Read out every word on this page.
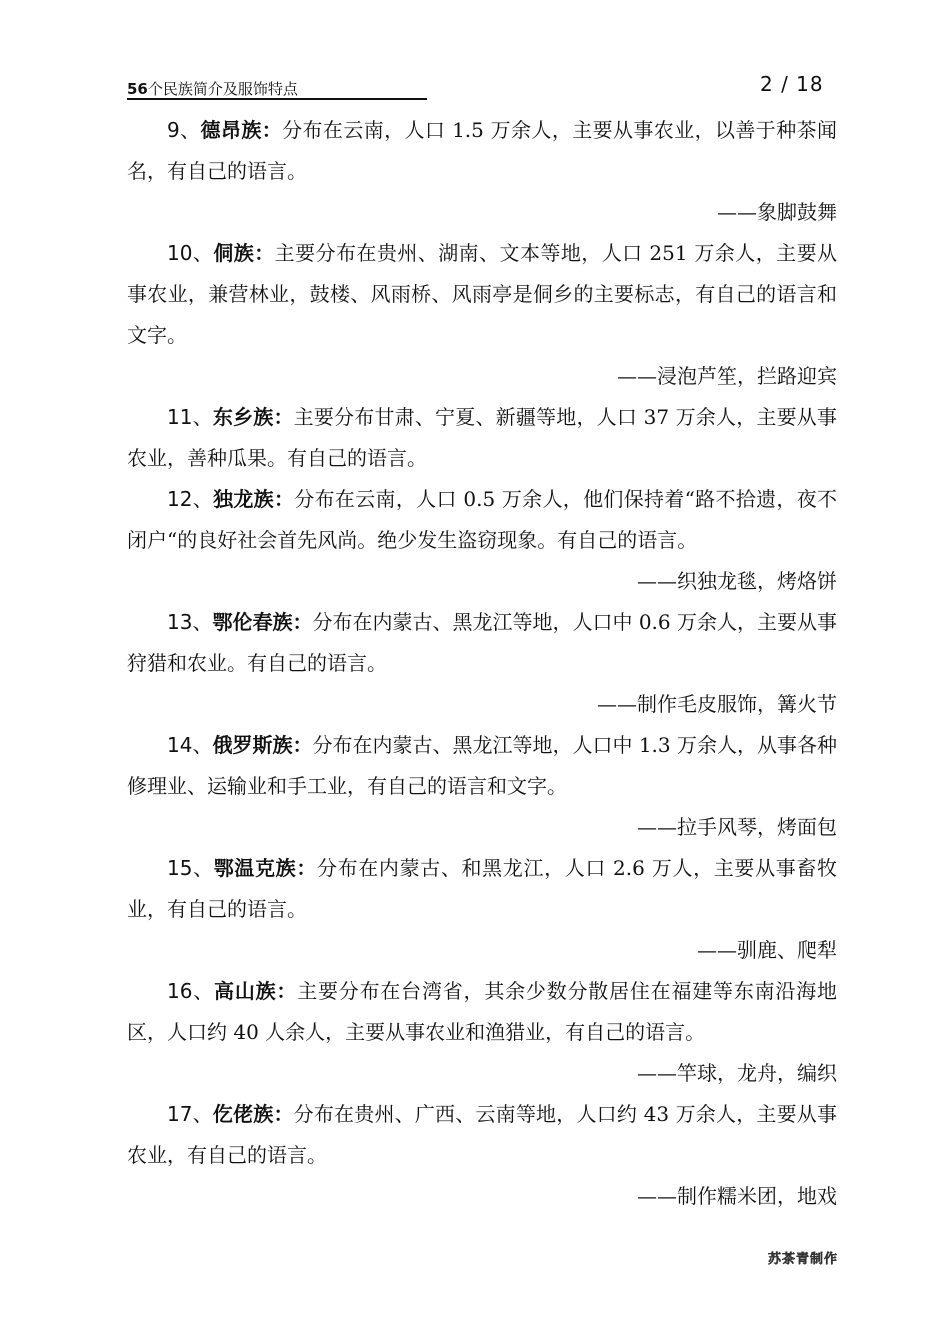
56个民族简介及服饰特点	2 / 18

9、德昂族：分布在云南，人口 1.5 万余人，主要从事农业，以善于种茶闻名，有自己的语言。

——象脚鼓舞

10、侗族：主要分布在贵州、湖南、文本等地，人口 251 万余人，主要从事农业，兼营林业，鼓楼、风雨桥、风雨亭是侗乡的主要标志，有自己的语言和文字。

——浸泡芦笙，拦路迎宾

11、东乡族：主要分布甘肃、宁夏、新疆等地，人口 37 万余人，主要从事农业，善种瓜果。有自己的语言。

12、独龙族：分布在云南，人口 0.5 万余人，他们保持着“路不拾遗，夜不闭户“的良好社会首先风尚。绝少发生盗窃现象。有自己的语言。

——织独龙毯，烤烙饼

13、鄂伦春族：分布在内蒙古、黑龙江等地，人口中 0.6 万余人，主要从事狩猎和农业。有自己的语言。

——制作毛皮服饰，篝火节

14、俄罗斯族：分布在内蒙古、黑龙江等地，人口中 1.3 万余人，从事各种修理业、运输业和手工业，有自己的语言和文字。

——拉手风琴，烤面包

15、鄂温克族：分布在内蒙古、和黑龙江，人口 2.6 万人，主要从事畜牧业，有自己的语言。

——驯鹿、爬犁

16、高山族：主要分布在台湾省，其余少数分散居住在福建等东南沿海地区，人口约 40 人余人，主要从事农业和渔猎业，有自己的语言。

——竿球，龙舟，编织

17、仡佬族：分布在贵州、广西、云南等地，人口约 43 万余人，主要从事农业，有自己的语言。

——制作糯米团，地戏

苏茶青制作
